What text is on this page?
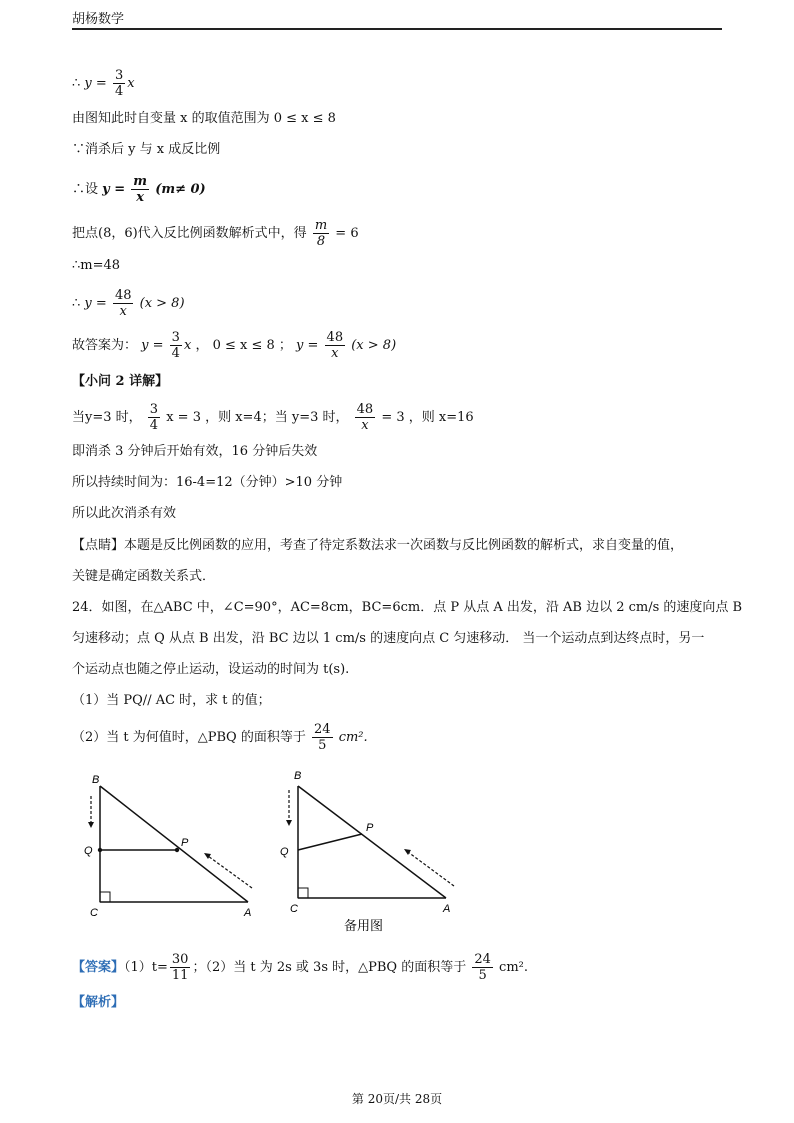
胡杨数学
∴ $y = \frac{3}{4}$ x
由图知此时自变量 x 的取值范围为 0 ≤ x ≤ 8
∵消杀后 y 与 x 成反比例
∴设 $y = \frac{m}{x} (m\ne 0)$
把点(8，6)代入反比例函数解析式中，得 $\frac{m}{8} = 6$
∴m=48
∴ $y = \frac{48}{x} (x > 8)$
故答案为： $y = \frac{3}{4}$ x ， 0 ≤ x ≤ 8 ； $y = \frac{48}{x} (x > 8)$
【小问 2 详解】
当y=3 时， $\frac{3}{4}$ x = 3 ，则 x=4；当 y=3 时， $\frac{48}{x} = 3$ ，则 x=16
即消杀 3 分钟后开始有效，16 分钟后失效
所以持续时间为：16-4=12（分钟）>10 分钟
所以此次消杀有效
【点睛】本题是反比例函数的应用，考查了待定系数法求一次函数与反比例函数的解析式，求自变量的值，
关键是确定函数关系式．
24．如图，在△ABC 中，∠C=90°，AC=8cm，BC=6cm．点 P 从点 A 出发，沿 AB 边以 2 cm/s 的速度向点 B
匀速移动；点 Q 从点 B 出发，沿 BC 边以 1 cm/s 的速度向点 C 匀速移动． 当一个运动点到达终点时，另一
个运动点也随之停止运动，设运动的时间为 t(s).
（1）当 PQ// AC 时，求 t 的值；
（2）当 t 为何值时，△PBQ 的面积等于 $\frac{24}{5} cm^2$.
B
Q
C	A
P
B
Q
C	A
P
备用图
【答案】$(1)t= \frac{30}{11}$ ；（2）当 t 为 2s 或 3s 时，△PBQ 的面积等于 $\frac{24}{5} cm^2$.
【解析】
第 20页/共 28页
